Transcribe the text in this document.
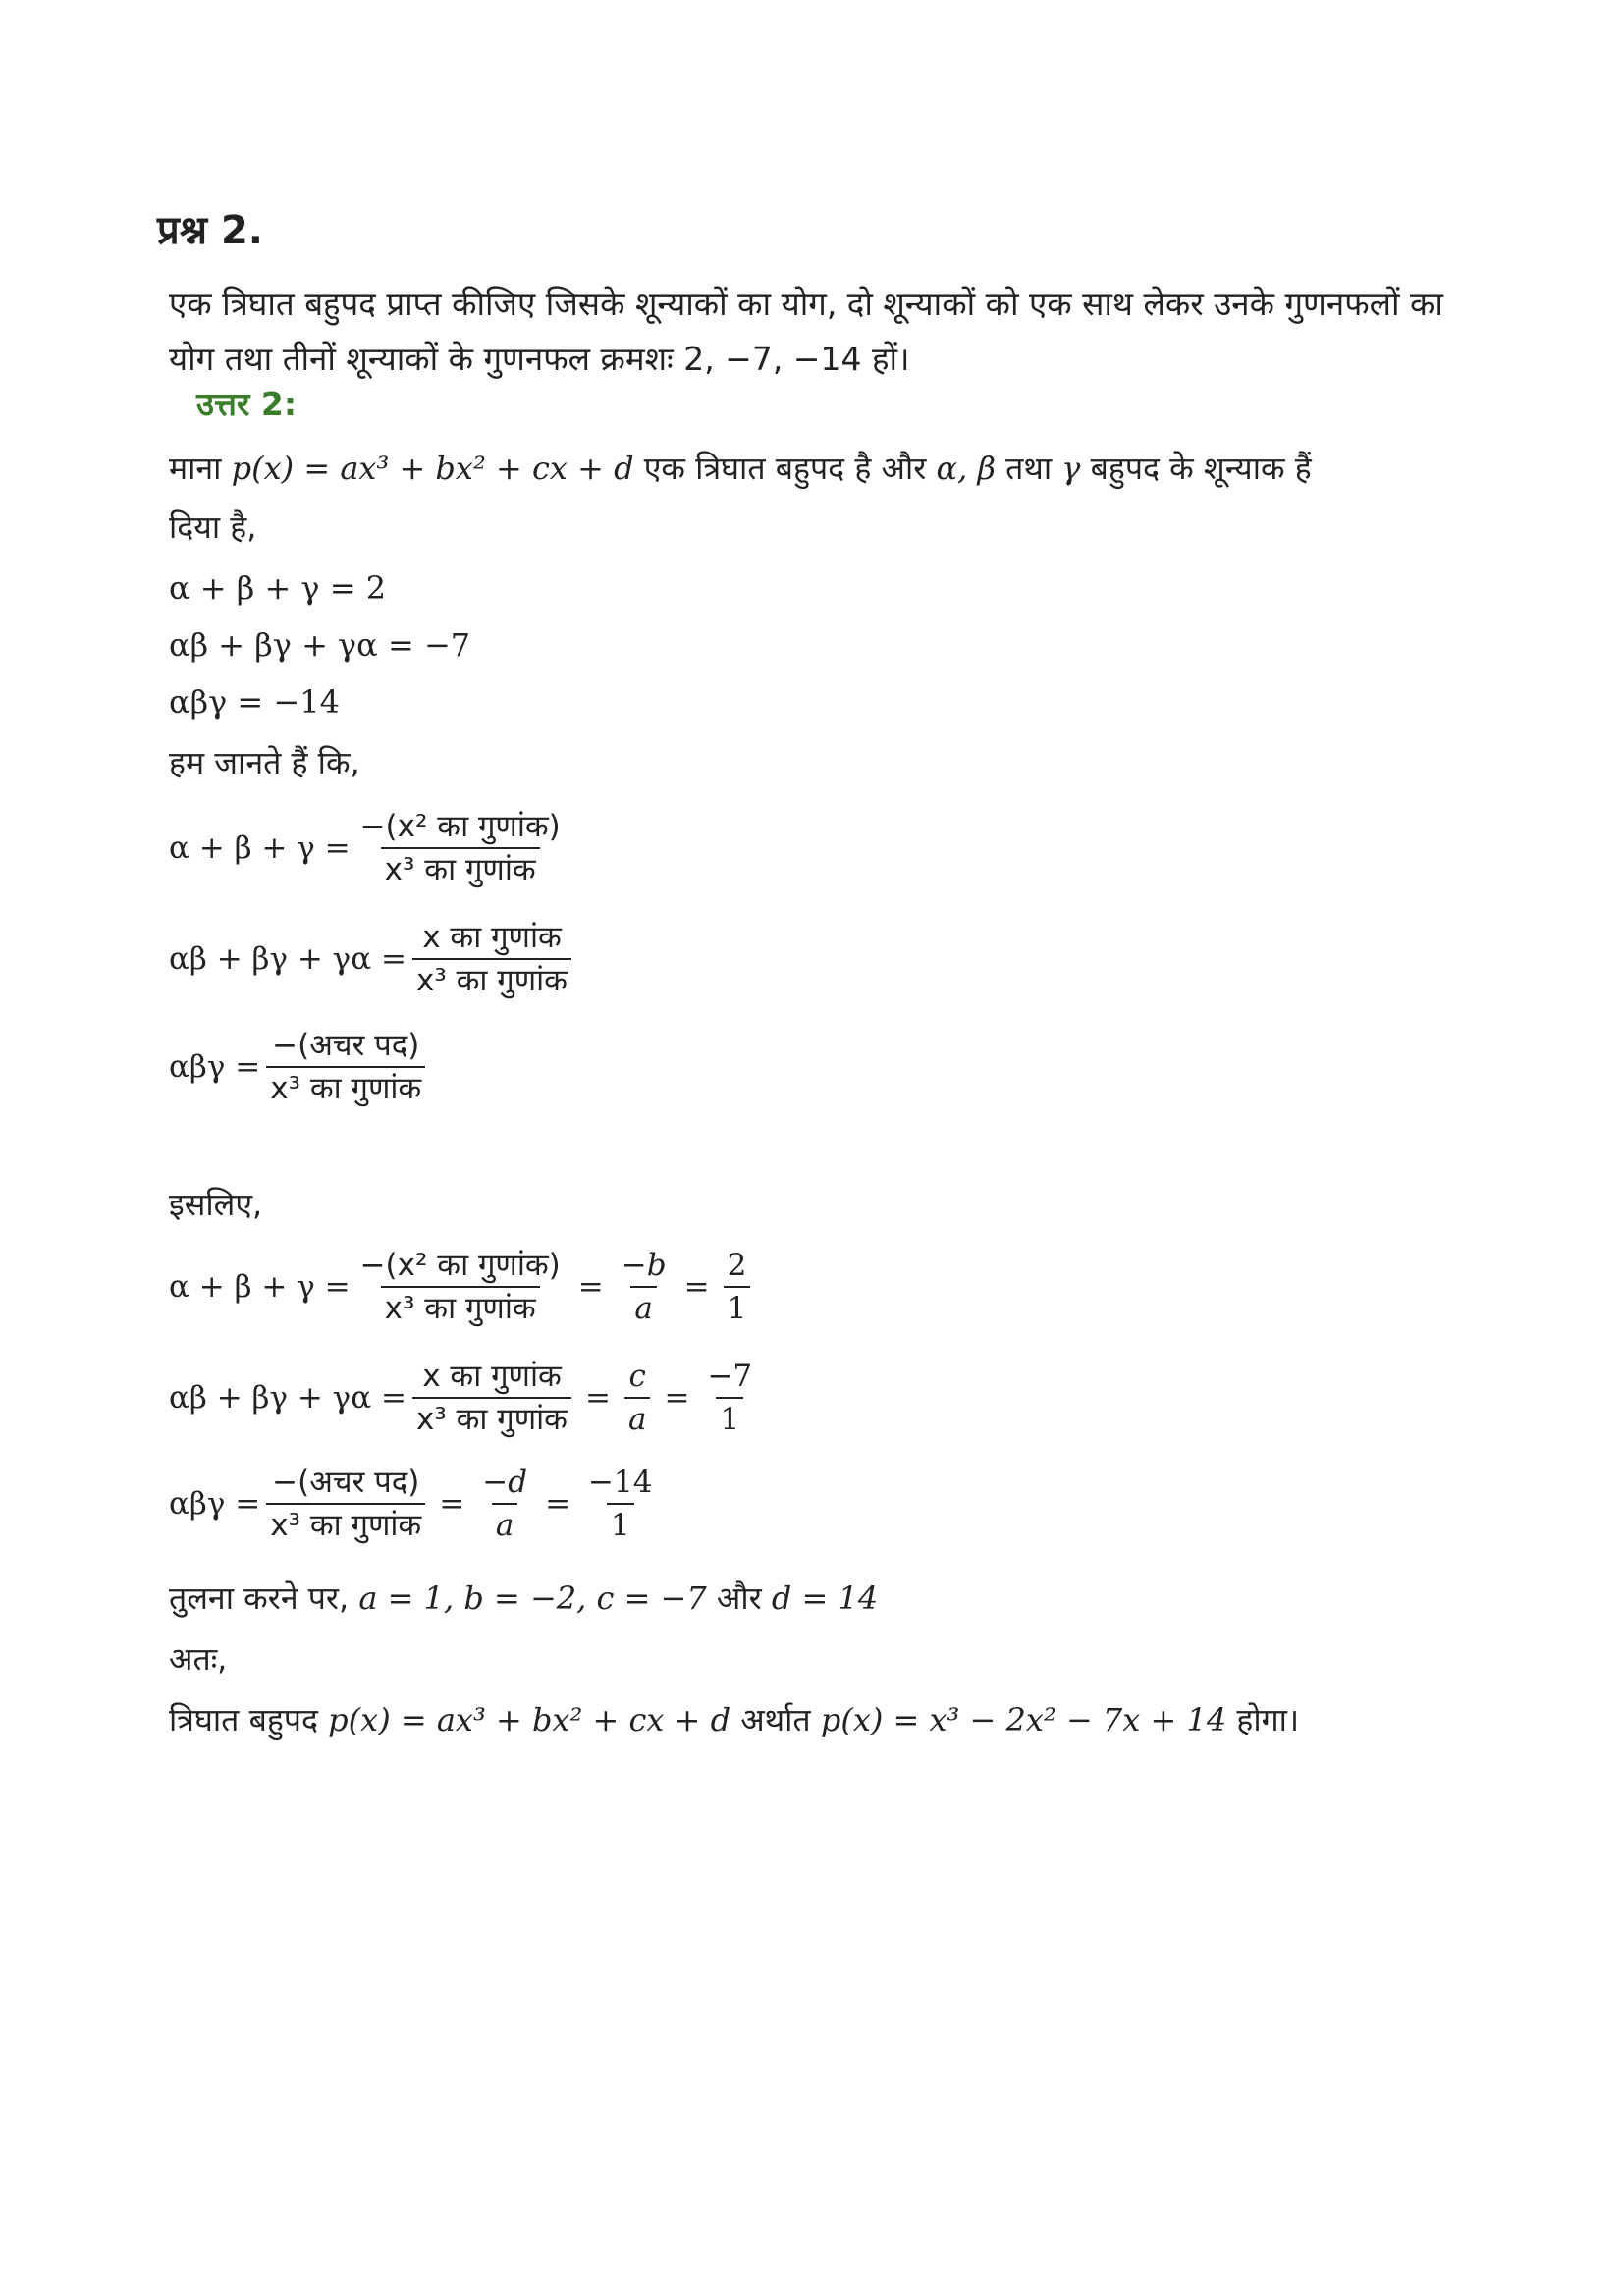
प्रश्न 2.
एक त्रिघात बहुपद प्राप्त कीजिए जिसके शून्याकों का योग, दो शून्याकों को एक साथ लेकर उनके गुणनफलों का योग तथा तीनों शून्याकों के गुणनफल क्रमशः 2, −7, −14 हों।
उत्तर 2:
माना p(x) = ax³ + bx² + cx + d एक त्रिघात बहुपद है और α, β तथा γ बहुपद के शून्याक हैं
दिया है,
α + β + γ = 2
αβ + βγ + γα = −7
αβγ = −14
हम जानते हैं कि,
$\alpha + \beta + \gamma = \frac{\text{−(x² का गुणांक)}}{\text{x³ का गुणांक}}$
$\alpha\beta + \beta\gamma + \gamma\alpha = \frac{\text{x का गुणांक}}{\text{x³ का गुणांक}}$
$\alpha\beta\gamma = \frac{\text{−(अचर पद)}}{\text{x³ का गुणांक}}$
इसलिए,
$\alpha + \beta + \gamma = \frac{\text{−(x² का गुणांक)}}{\text{x³ का गुणांक}} = \frac{-b}{a} = \frac{2}{1}$
$\alpha\beta + \beta\gamma + \gamma\alpha = \frac{\text{x का गुणांक}}{\text{x³ का गुणांक}} = \frac{c}{a} = \frac{-7}{1}$
$\alpha\beta\gamma = \frac{\text{−(अचर पद)}}{\text{x³ का गुणांक}} = \frac{-d}{a} = \frac{-14}{1}$
तुलना करने पर, a = 1, b = −2, c = −7 और d = 14
अतः,
त्रिघात बहुपद p(x) = ax³ + bx² + cx + d अर्थात p(x) = x³ − 2x² − 7x + 14 होगा।
